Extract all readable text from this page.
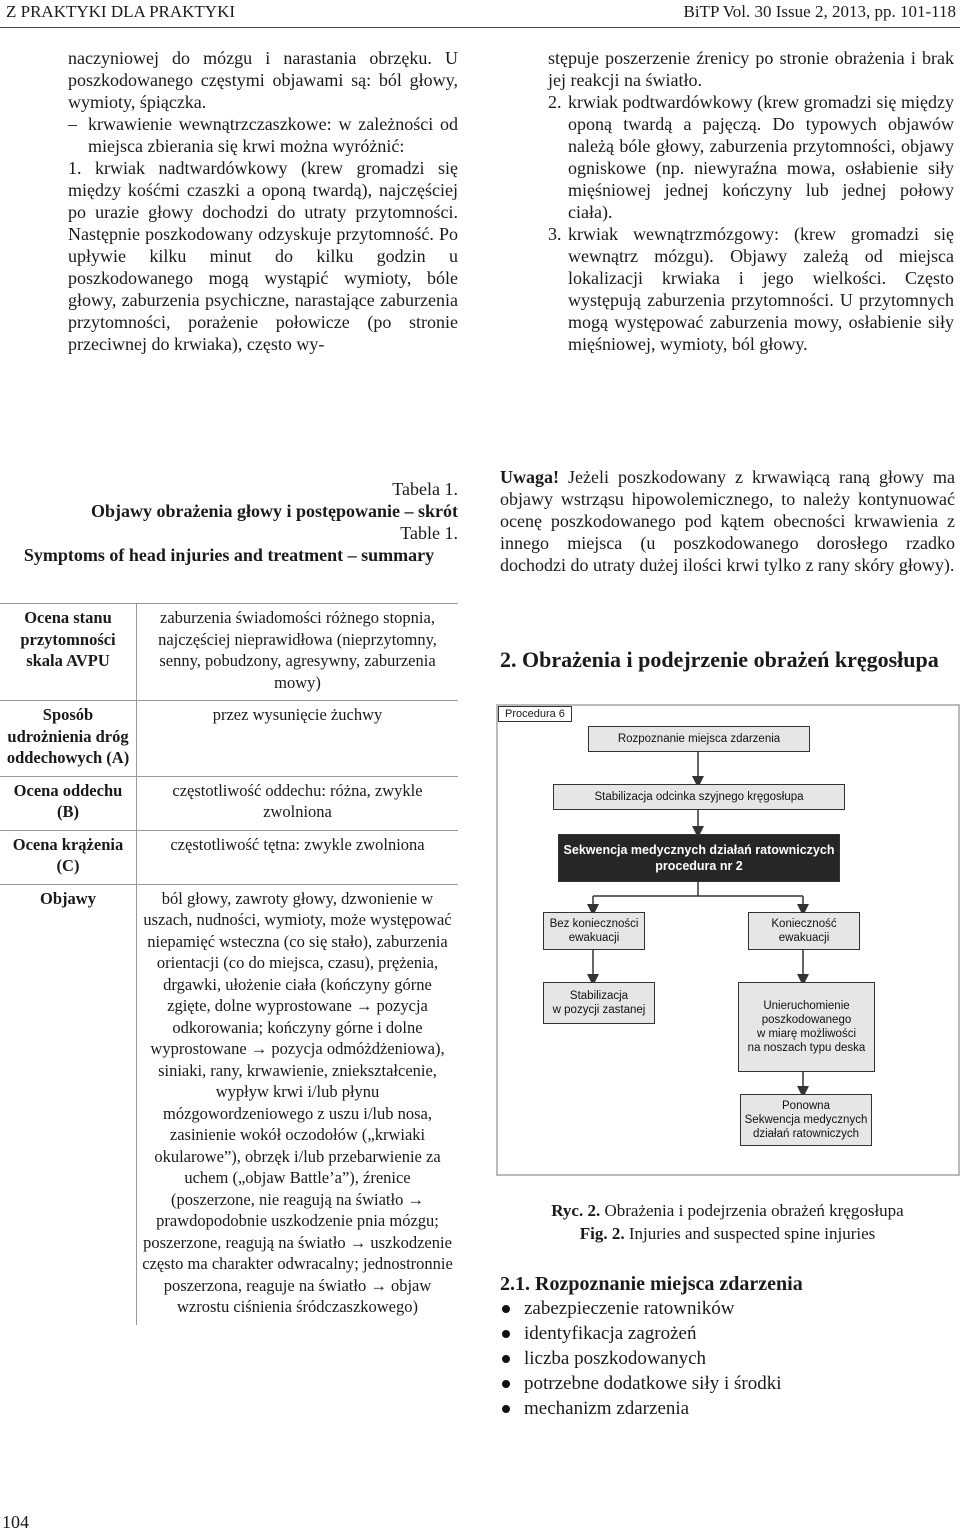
Z PRAKTYKI DLA PRAKTYKI	BiTP Vol. 30 Issue 2, 2013, pp. 101-118

naczyniowej do mózgu i narastania obrzęku. U poszkodowanego częstymi objawami są: ból głowy, wymioty, śpiączka.

– krwawienie wewnątrzczaszkowe: w zależności od miejsca zbierania się krwi można wyróżnić:

1. krwiak nadtwardówkowy (krew gromadzi się między kośćmi czaszki a oponą twardą), najczęściej po urazie głowy dochodzi do utraty przytomności. Następnie poszkodowany odzyskuje przytomność. Po upływie kilku minut do kilku godzin u poszkodowanego mogą wystąpić wymioty, bóle głowy, zaburzenia psychiczne, narastające zaburzenia przytomności, porażenie połowicze (po stronie przeciwnej do krwiaka), często wy-

stępuje poszerzenie źrenicy po stronie obrażenia i brak jej reakcji na światło.

2. krwiak podtwardówkowy (krew gromadzi się między oponą twardą a pajęczą. Do typowych objawów należą bóle głowy, zaburzenia przytomności, objawy ogniskowe (np. niewyraźna mowa, osłabienie siły mięśniowej jednej kończyny lub jednej połowy ciała).

3. krwiak wewnątrzmózgowy: (krew gromadzi się wewnątrz mózgu). Objawy zależą od miejsca lokalizacji krwiaka i jego wielkości. Często występują zaburzenia przytomności. U przytomnych mogą występować zaburzenia mowy, osłabienie siły mięśniowej, wymioty, ból głowy.

Tabela 1.
Objawy obrażenia głowy i postępowanie – skrót
Table 1.
Symptoms of head injuries and treatment – summary
Ocena stanu przytomności skala AVPU	zaburzenia świadomości różnego stopnia, najczęściej nieprawidłowa (nieprzytomny, senny, pobudzony, agresywny, zaburzenia mowy)
Sposób udrożnienia dróg oddechowych (A)	przez wysunięcie żuchwy
Ocena oddechu (B)	częstotliwość oddechu: różna, zwykle zwolniona
Ocena krążenia (C)	częstotliwość tętna: zwykle zwolniona
Objawy	ból głowy, zawroty głowy, dzwonienie w uszach, nudności, wymioty, może występować niepamięć wsteczna (co się stało), zaburzenia orientacji (co do miejsca, czasu), prężenia, drgawki, ułożenie ciała (kończyny górne zgięte, dolne wyprostowane → pozycja odkorowania; kończyny górne i dolne wyprostowane → pozycja odmóżdżeniowa), siniaki, rany, krwawienie, zniekształcenie, wypływ krwi i/lub płynu mózgowordzeniowego z uszu i/lub nosa, zasinienie wokół oczodołów („krwiaki okularowe”), obrzęk i/lub przebarwienie za uchem („objaw Battle’a”), źrenice (poszerzone, nie reagują na światło → prawdopodobnie uszkodzenie pnia mózgu; poszerzone, reagują na światło → uszkodzenie często ma charakter odwracalny; jednostronnie poszerzona, reaguje na światło → objaw wzrostu ciśnienia śródczaszkowego)

Uwaga! Jeżeli poszkodowany z krwawiącą raną głowy ma objawy wstrząsu hipowolemicznego, to należy kontynuować ocenę poszkodowanego pod kątem obecności krwawienia z innego miejsca (u poszkodowanego dorosłego rzadko dochodzi do utraty dużej ilości krwi tylko z rany skóry głowy).

2. Obrażenia i podejrzenie obrażeń kręgosłupa
Procedura 6
Rozpoznanie miejsca zdarzenia
Stabilizacja odcinka szyjnego kręgosłupa
Sekwencja medycznych działań ratowniczych
procedura nr 2
Bez konieczności
ewakuacji
Konieczność
ewakuacji
Stabilizacja
w pozycji zastanej	Unieruchomienie
poszkodowanego
w miarę możliwości
na noszach typu deska
Ponowna
Sekwencja medycznych
działań ratowniczych
Ryc. 2. Obrażenia i podejrzenia obrażeń kręgosłupa
Fig. 2. Injuries and suspected spine injuries
2.1. Rozpoznanie miejsca zdarzenia
zabezpieczenie ratowników
identyfikacja zagrożeń
liczba poszkodowanych
potrzebne dodatkowe siły i środki
mechanizm zdarzenia
104
